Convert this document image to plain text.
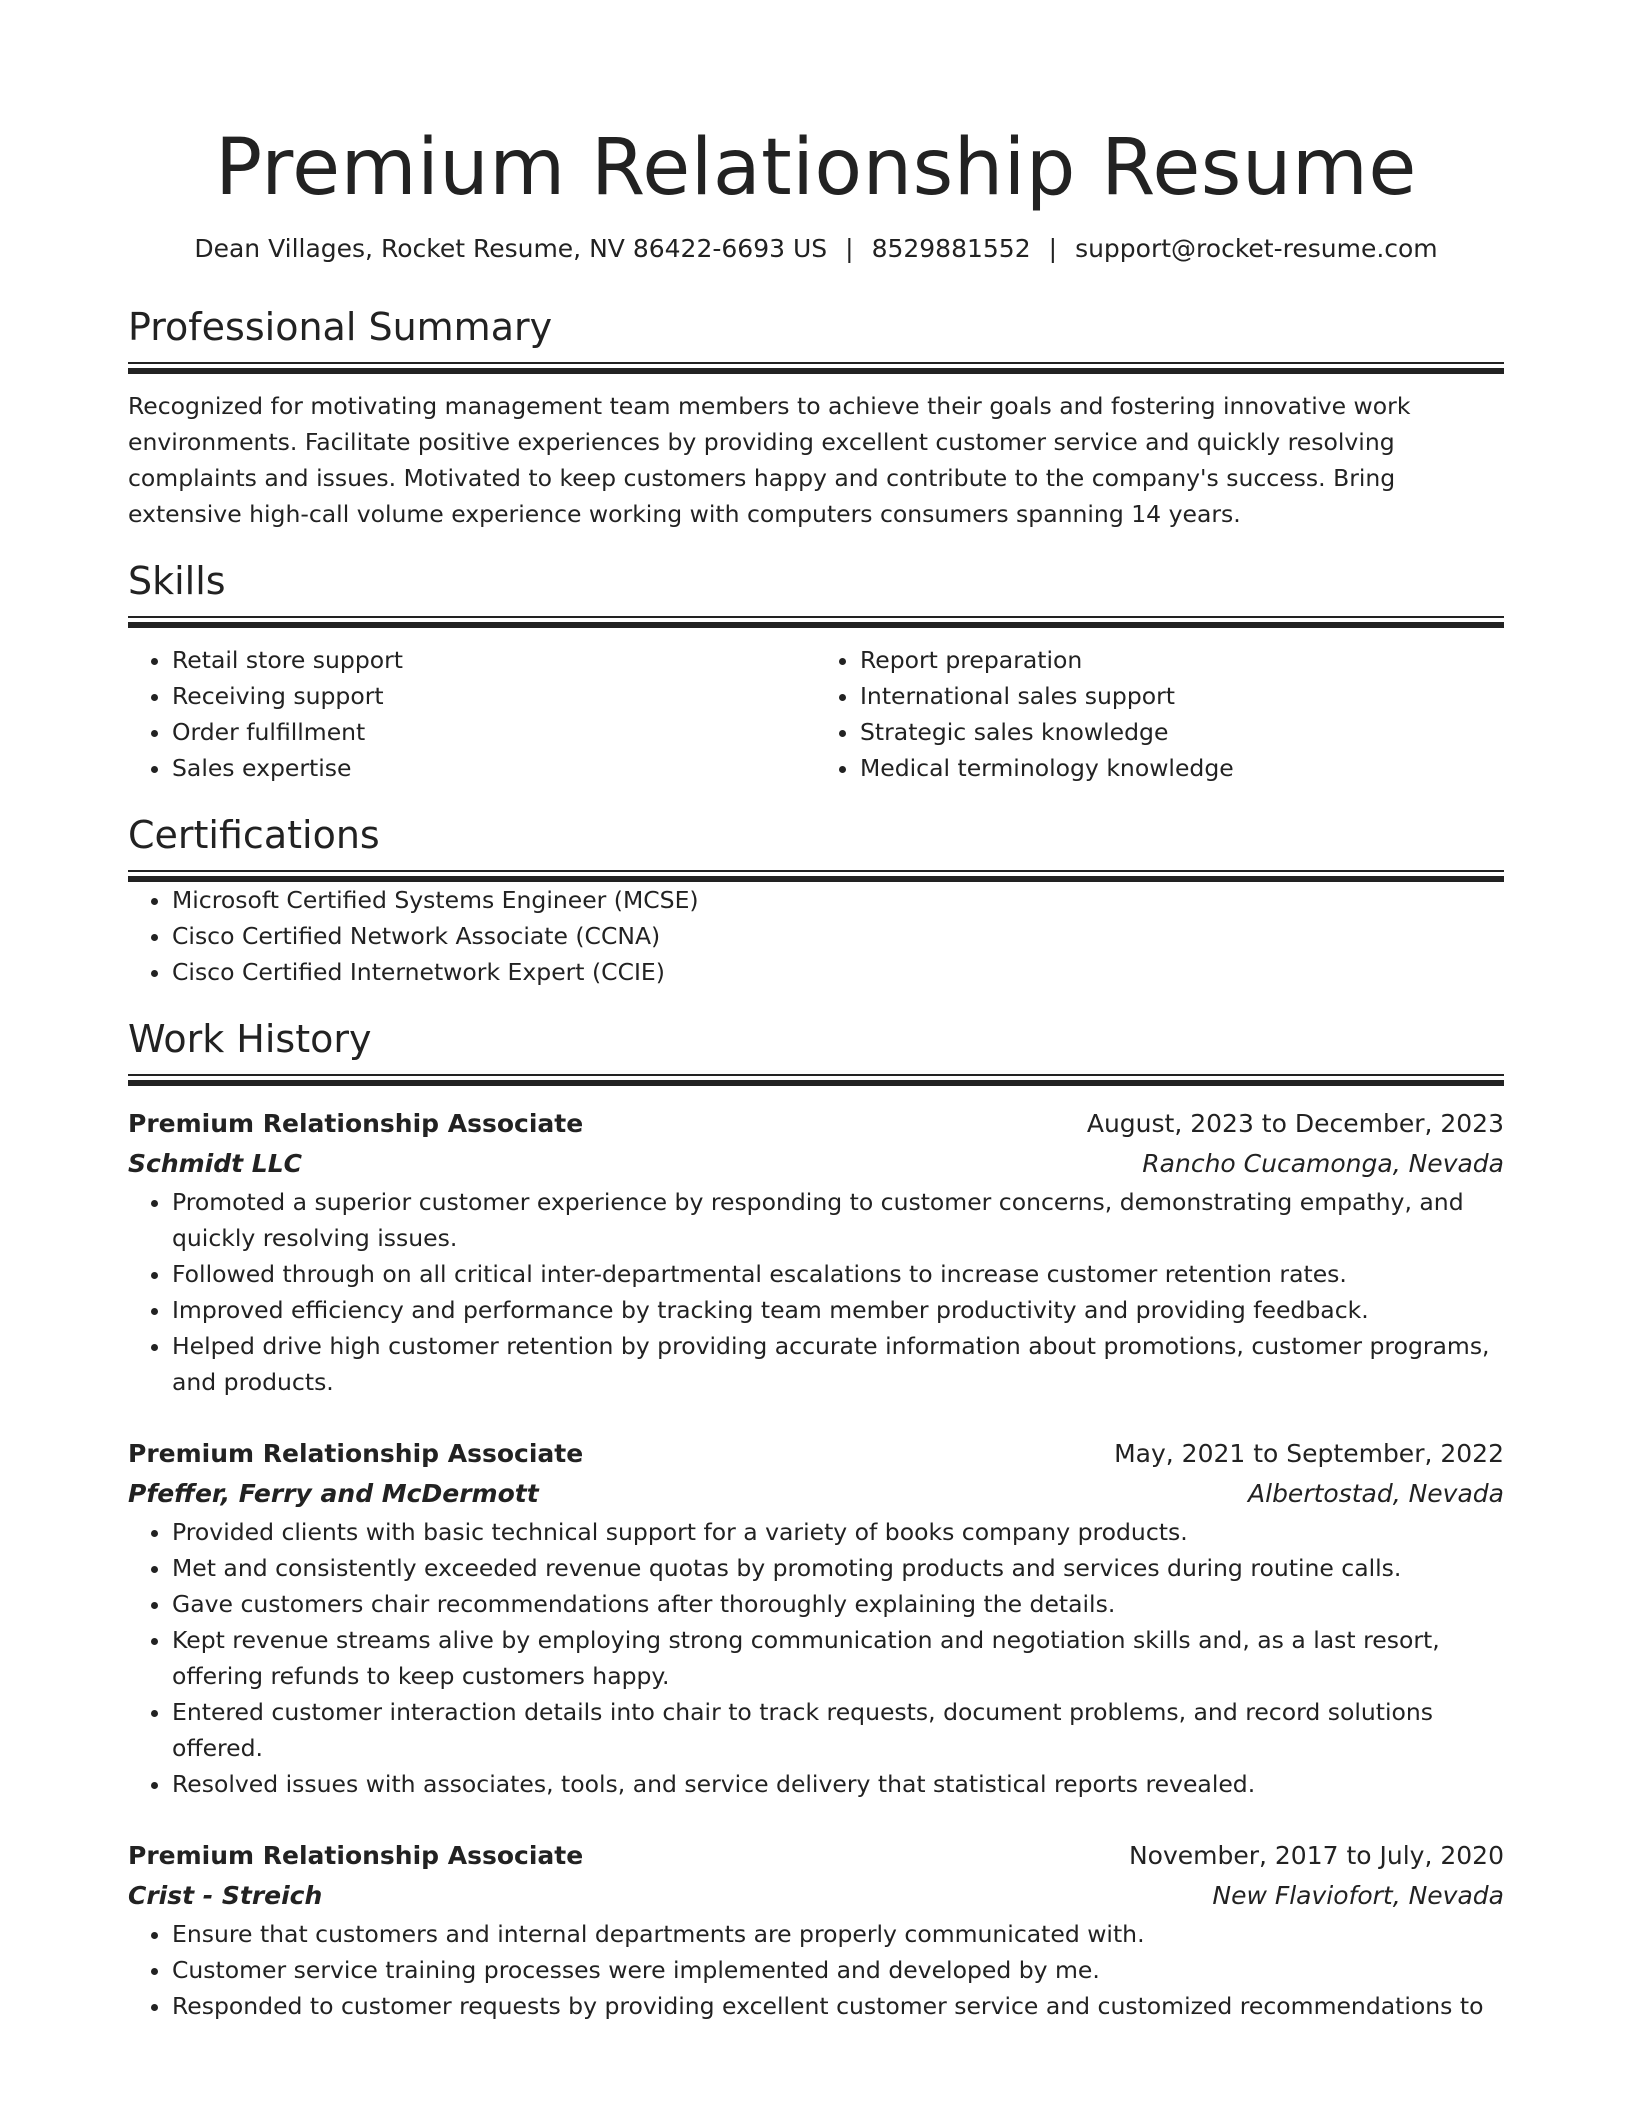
Premium Relationship Resume
Dean Villages, Rocket Resume, NV 86422-6693 US | 8529881552 | support@rocket-resume.com
Professional Summary

Recognized for motivating management team members to achieve their goals and fostering innovative work environments. Facilitate positive experiences by providing excellent customer service and quickly resolving complaints and issues. Motivated to keep customers happy and contribute to the company's success. Bring extensive high-call volume experience working with computers consumers spanning 14 years.

Skills
• Retail store support
• Receiving support
• Order fulfillment
• Sales expertise
• Report preparation
• International sales support
• Strategic sales knowledge
• Medical terminology knowledge
Certifications
• Microsoft Certified Systems Engineer (MCSE)
• Cisco Certified Network Associate (CCNA)
• Cisco Certified Internetwork Expert (CCIE)
Work History
Premium Relationship Associate	August, 2023 to December, 2023
Schmidt LLC	Rancho Cucamonga, Nevada
• Promoted a superior customer experience by responding to customer concerns, demonstrating empathy, and quickly resolving issues.
• Followed through on all critical inter-departmental escalations to increase customer retention rates.
• Improved efficiency and performance by tracking team member productivity and providing feedback.
• Helped drive high customer retention by providing accurate information about promotions, customer programs, and products.
Premium Relationship Associate	May, 2021 to September, 2022
Pfeffer, Ferry and McDermott	Albertostad, Nevada
• Provided clients with basic technical support for a variety of books company products.
• Met and consistently exceeded revenue quotas by promoting products and services during routine calls.
• Gave customers chair recommendations after thoroughly explaining the details.
• Kept revenue streams alive by employing strong communication and negotiation skills and, as a last resort, offering refunds to keep customers happy.
• Entered customer interaction details into chair to track requests, document problems, and record solutions offered.
• Resolved issues with associates, tools, and service delivery that statistical reports revealed.
Premium Relationship Associate	November, 2017 to July, 2020
Crist - Streich	New Flaviofort, Nevada
• Ensure that customers and internal departments are properly communicated with.
• Customer service training processes were implemented and developed by me.
• Responded to customer requests by providing excellent customer service and customized recommendations to
